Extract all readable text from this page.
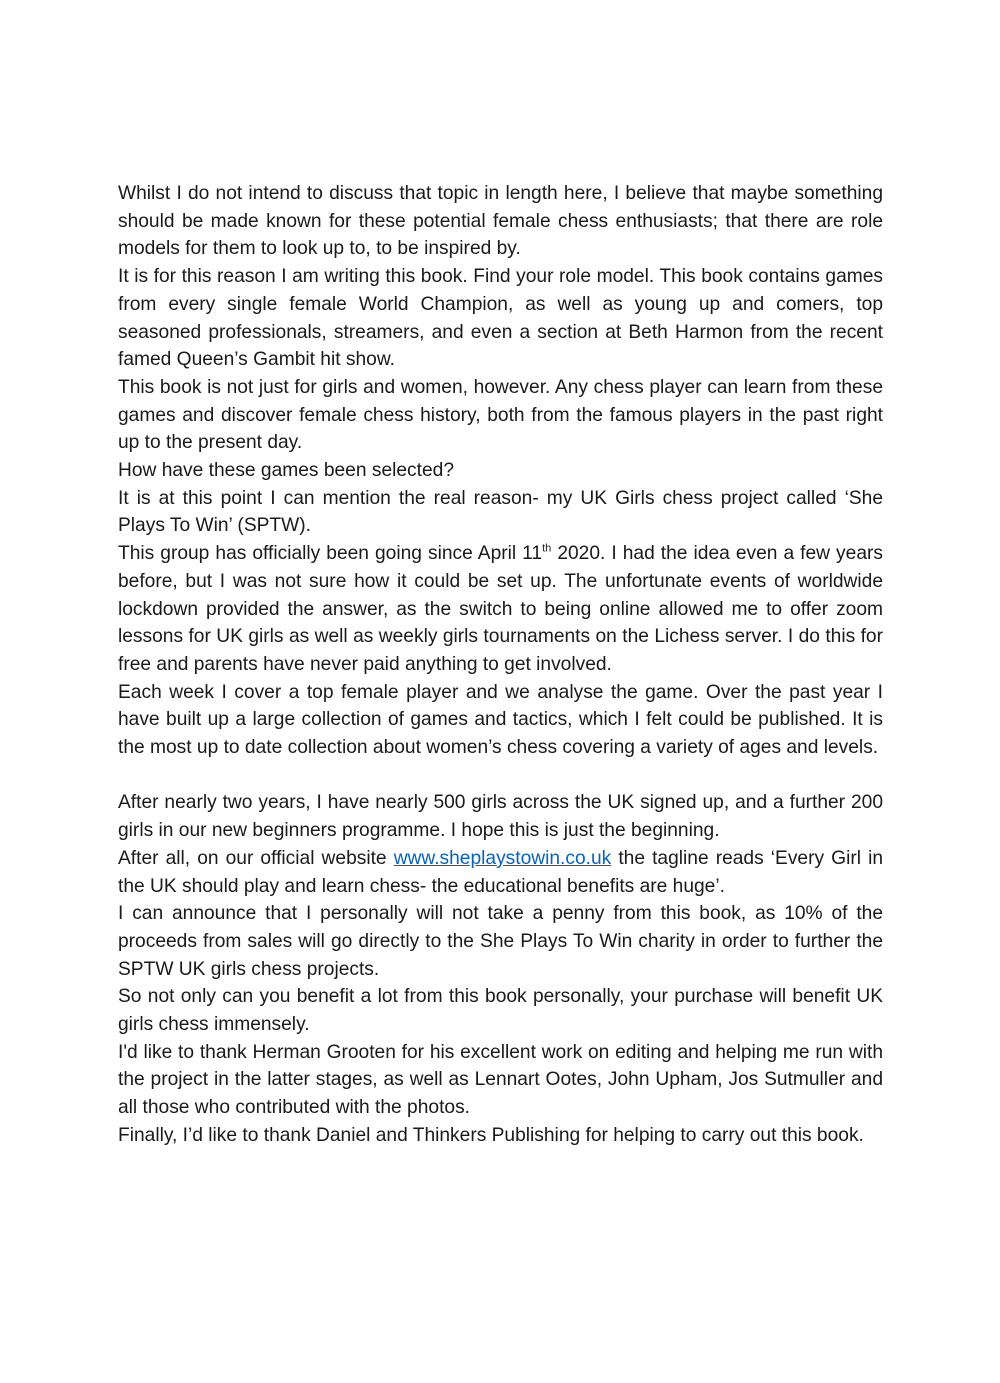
Whilst I do not intend to discuss that topic in length here, I believe that maybe something should be made known for these potential female chess enthusiasts; that there are role models for them to look up to, to be inspired by.

It is for this reason I am writing this book. Find your role model. This book contains games from every single female World Champion, as well as young up and comers, top seasoned professionals, streamers, and even a section at Beth Harmon from the recent famed Queen’s Gambit hit show.

This book is not just for girls and women, however. Any chess player can learn from these games and discover female chess history, both from the famous players in the past right up to the present day.

How have these games been selected?

It is at this point I can mention the real reason- my UK Girls chess project called ‘She Plays To Win’ (SPTW).

This group has officially been going since April 11th 2020. I had the idea even a few years before, but I was not sure how it could be set up. The unfortunate events of worldwide lockdown provided the answer, as the switch to being online allowed me to offer zoom lessons for UK girls as well as weekly girls tournaments on the Lichess server. I do this for free and parents have never paid anything to get involved.

Each week I cover a top female player and we analyse the game. Over the past year I have built up a large collection of games and tactics, which I felt could be published. It is the most up to date collection about women’s chess covering a variety of ages and levels.

After nearly two years, I have nearly 500 girls across the UK signed up, and a further 200 girls in our new beginners programme. I hope this is just the beginning.

After all, on our official website www.sheplaystowin.co.uk the tagline reads ‘Every Girl in the UK should play and learn chess- the educational benefits are huge’.

I can announce that I personally will not take a penny from this book, as 10% of the proceeds from sales will go directly to the She Plays To Win charity in order to further the SPTW UK girls chess projects.

So not only can you benefit a lot from this book personally, your purchase will benefit UK girls chess immensely.

I'd like to thank Herman Grooten for his excellent work on editing and helping me run with the project in the latter stages, as well as Lennart Ootes, John Upham, Jos Sutmuller and all those who contributed with the photos.

Finally, I’d like to thank Daniel and Thinkers Publishing for helping to carry out this book.
